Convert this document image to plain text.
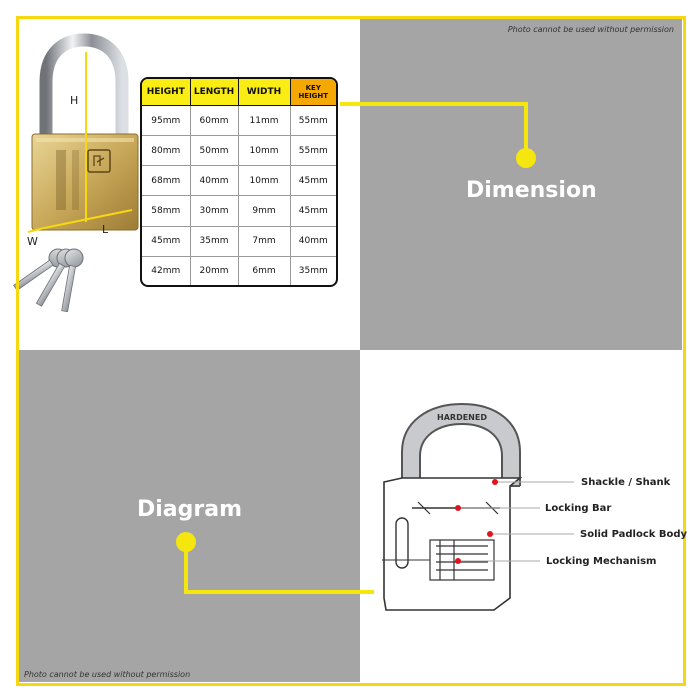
HARDENED
Photo cannot be used without permission
Photo cannot be used without permission
H
L
W
HEIGHT	LENGTH	WIDTH	KEY HEIGHT
95mm	60mm	11mm	55mm
80mm	50mm	10mm	55mm
68mm	40mm	10mm	45mm
58mm	30mm	9mm	45mm
45mm	35mm	7mm	40mm
42mm	20mm	6mm	35mm
Dimension
Diagram
Shackle / Shank
Locking Bar
Solid Padlock Body
Locking Mechanism
